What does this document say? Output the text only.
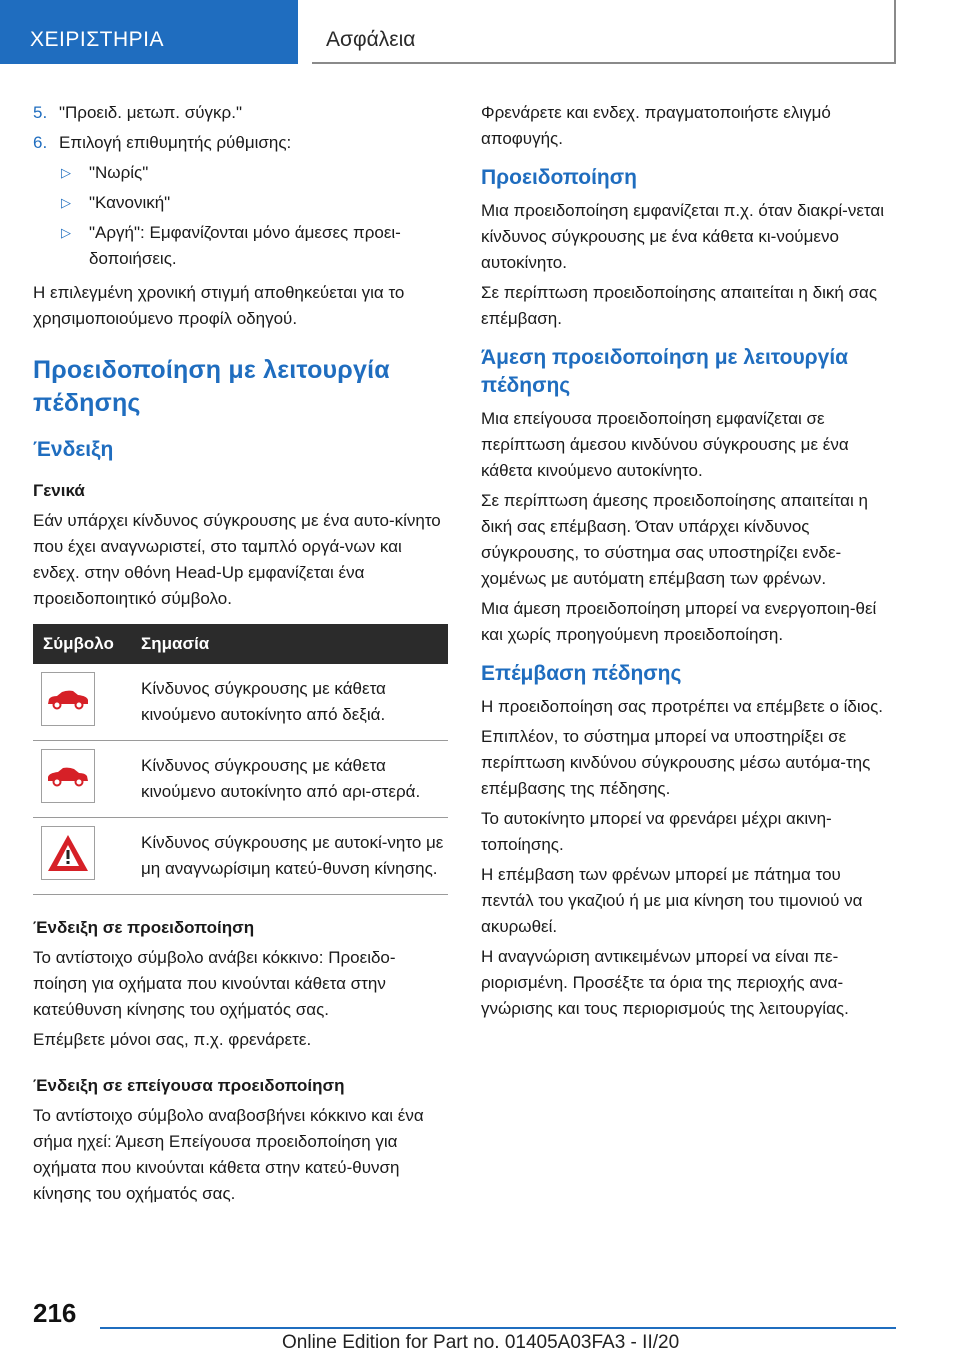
ΧΕΙΡΙΣΤΗΡΙΑ	Ασφάλεια
5. "Προειδ. μετωπ. σύγκρ."
6. Επιλογή επιθυμητής ρύθμισης:
▷	"Νωρίς"
▷	"Κανονική"
▷	"Αργή": Εμφανίζονται μόνο άμεσες προει-δοποιήσεις.

Η επιλεγμένη χρονική στιγμή αποθηκεύεται για το χρησιμοποιούμενο προφίλ οδηγού.

Προειδοποίηση με λειτουργία πέδησης
Ένδειξη
Γενικά

Εάν υπάρχει κίνδυνος σύγκρουσης με ένα αυτο-κίνητο που έχει αναγνωριστεί, στο ταμπλό οργά-νων και ενδεχ. στην οθόνη Head-Up εμφανίζεται ένα προειδοποιητικό σύμβολο.

Σύμβολο	Σημασία

	Κίνδυνος σύγκρουσης με κάθετα κινούμενο αυτοκίνητο από δεξιά.

	Κίνδυνος σύγκρουσης με κάθετα κινούμενο αυτοκίνητο από αρι-στερά.

	Κίνδυνος σύγκρουσης με αυτοκί-νητο με μη αναγνωρίσιμη κατεύ-θυνση κίνησης.
Ένδειξη σε προειδοποίηση

Το αντίστοιχο σύμβολο ανάβει κόκκινο: Προειδο-ποίηση για οχήματα που κινούνται κάθετα στην κατεύθυνση κίνησης του οχήματός σας.

Επέμβετε μόνοι σας, π.χ. φρενάρετε.

Ένδειξη σε επείγουσα προειδοποίηση

Το αντίστοιχο σύμβολο αναβοσβήνει κόκκινο και ένα σήμα ηχεί: Άμεση Επείγουσα προειδοποίηση για οχήματα που κινούνται κάθετα στην κατεύ-θυνση κίνησης του οχήματός σας.

Φρενάρετε και ενδεχ. πραγματοποιήστε ελιγμό αποφυγής.

Προειδοποίηση

Μια προειδοποίηση εμφανίζεται π.χ. όταν διακρί-νεται κίνδυνος σύγκρουσης με ένα κάθετα κι-νούμενο αυτοκίνητο.

Σε περίπτωση προειδοποίησης απαιτείται η δική σας επέμβαση.

Άμεση προειδοποίηση με λειτουργία πέδησης

Μια επείγουσα προειδοποίηση εμφανίζεται σε περίπτωση άμεσου κινδύνου σύγκρουσης με ένα κάθετα κινούμενο αυτοκίνητο.

Σε περίπτωση άμεσης προειδοποίησης απαιτείται η δική σας επέμβαση. Όταν υπάρχει κίνδυνος σύγκρουσης, το σύστημα σας υποστηρίζει ενδε-χομένως με αυτόματη επέμβαση των φρένων.

Μια άμεση προειδοποίηση μπορεί να ενεργοποιη-θεί και χωρίς προηγούμενη προειδοποίηση.

Επέμβαση πέδησης

Η προειδοποίηση σας προτρέπει να επέμβετε ο ίδιος.

Επιπλέον, το σύστημα μπορεί να υποστηρίξει σε περίπτωση κινδύνου σύγκρουσης μέσω αυτόμα-της επέμβασης της πέδησης.

Το αυτοκίνητο μπορεί να φρενάρει μέχρι ακινη-τοποίησης.

Η επέμβαση των φρένων μπορεί με πάτημα του πεντάλ του γκαζιού ή με μια κίνηση του τιμονιού να ακυρωθεί.

Η αναγνώριση αντικειμένων μπορεί να είναι πε-ριορισμένη. Προσέξτε τα όρια της περιοχής ανα-γνώρισης και τους περιορισμούς της λειτουργίας.

216
Online Edition for Part no. 01405A03FA3 - II/20
